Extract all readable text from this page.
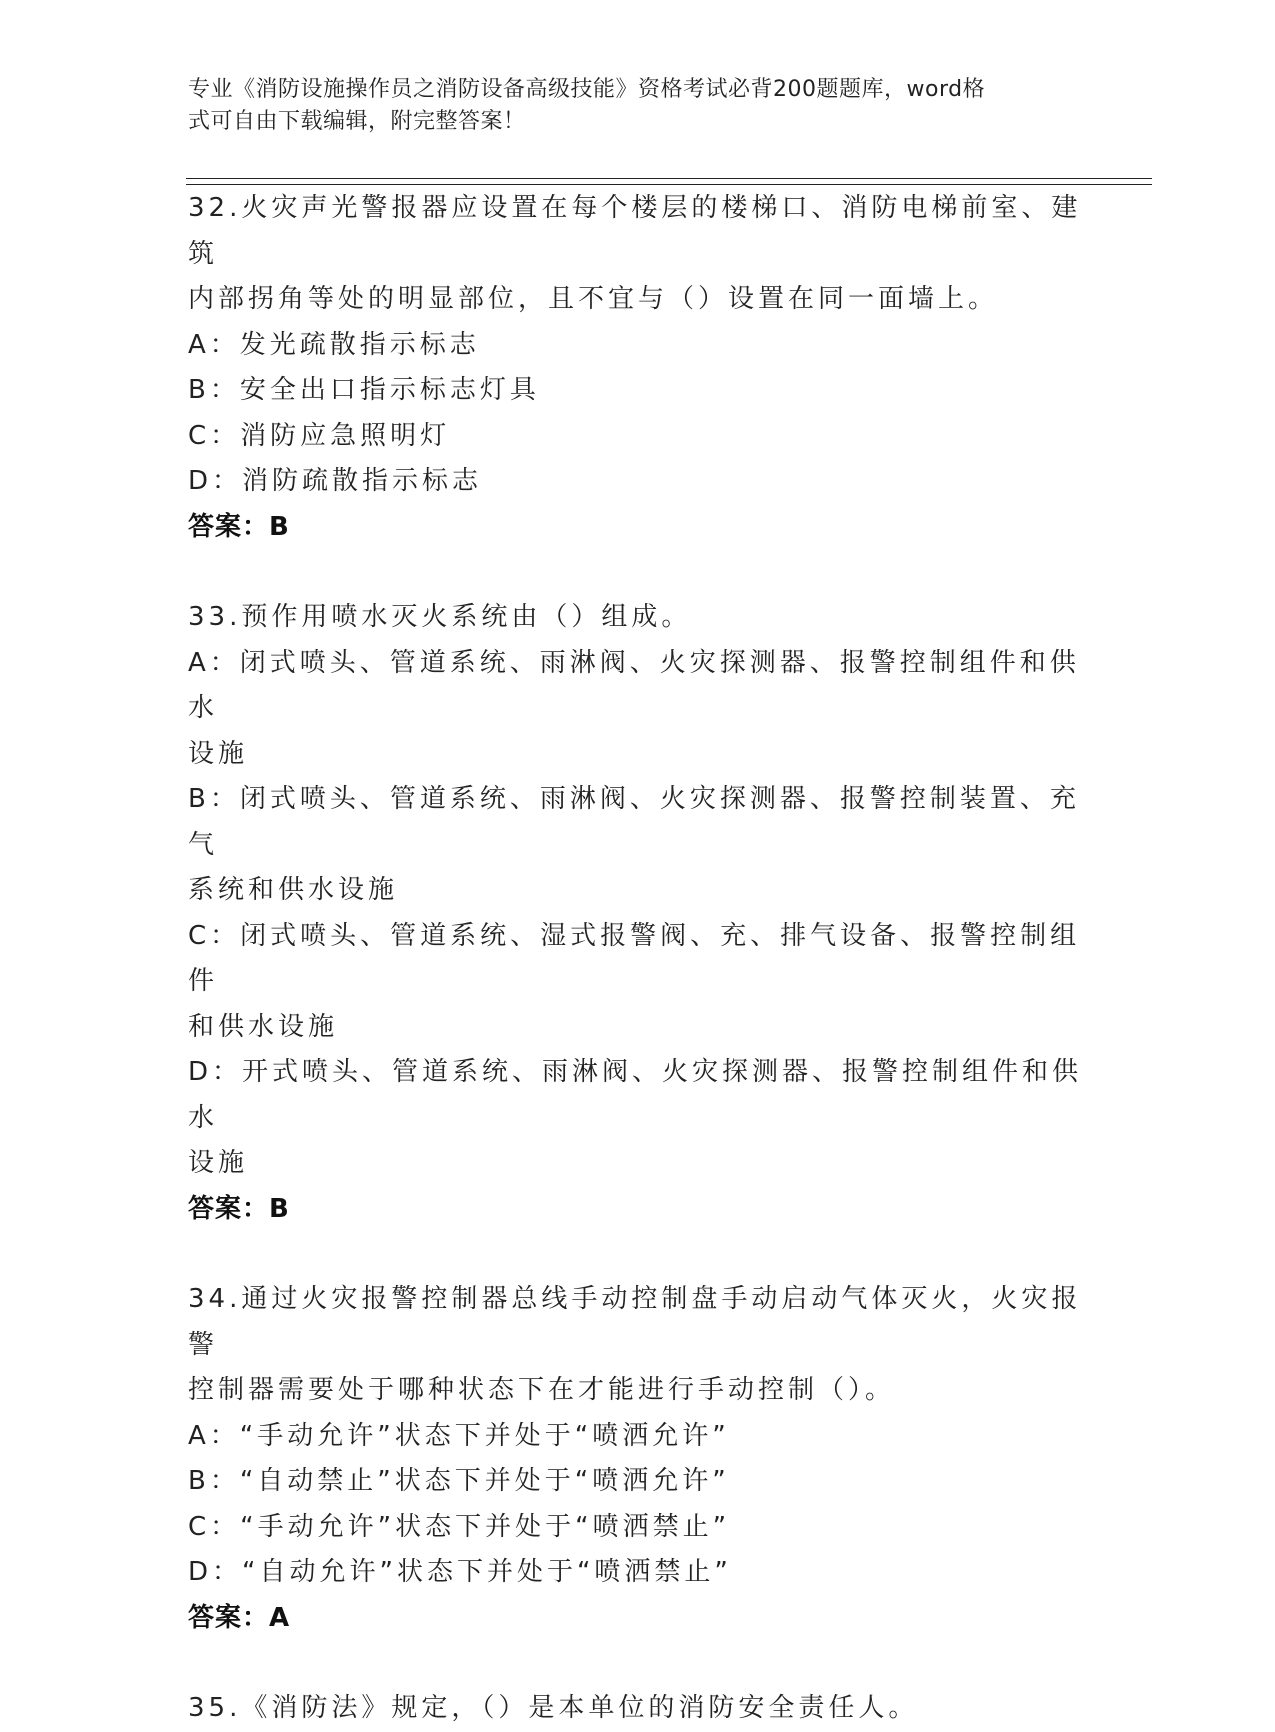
专业《消防设施操作员之消防设备高级技能》资格考试必背200题题库，word格
式可自由下载编辑，附完整答案！

32.火灾声光警报器应设置在每个楼层的楼梯口、消防电梯前室、建筑

内部拐角等处的明显部位，且不宜与（）设置在同一面墙上。

A：发光疏散指示标志

B：安全出口指示标志灯具

C：消防应急照明灯

D：消防疏散指示标志

答案：B

33.预作用喷水灭火系统由（）组成。

A：闭式喷头、管道系统、雨淋阀、火灾探测器、报警控制组件和供水

设施

B：闭式喷头、管道系统、雨淋阀、火灾探测器、报警控制装置、充气

系统和供水设施

C：闭式喷头、管道系统、湿式报警阀、充、排气设备、报警控制组件

和供水设施

D：开式喷头、管道系统、雨淋阀、火灾探测器、报警控制组件和供水

设施

答案：B

34.通过火灾报警控制器总线手动控制盘手动启动气体灭火，火灾报警

控制器需要处于哪种状态下在才能进行手动控制（）。

A：“手动允许”状态下并处于“喷洒允许”

B：“自动禁止”状态下并处于“喷洒允许”

C：“手动允许”状态下并处于“喷洒禁止”

D：“自动允许”状态下并处于“喷洒禁止”

答案：A

35.《消防法》规定，（）是本单位的消防安全责任人。
